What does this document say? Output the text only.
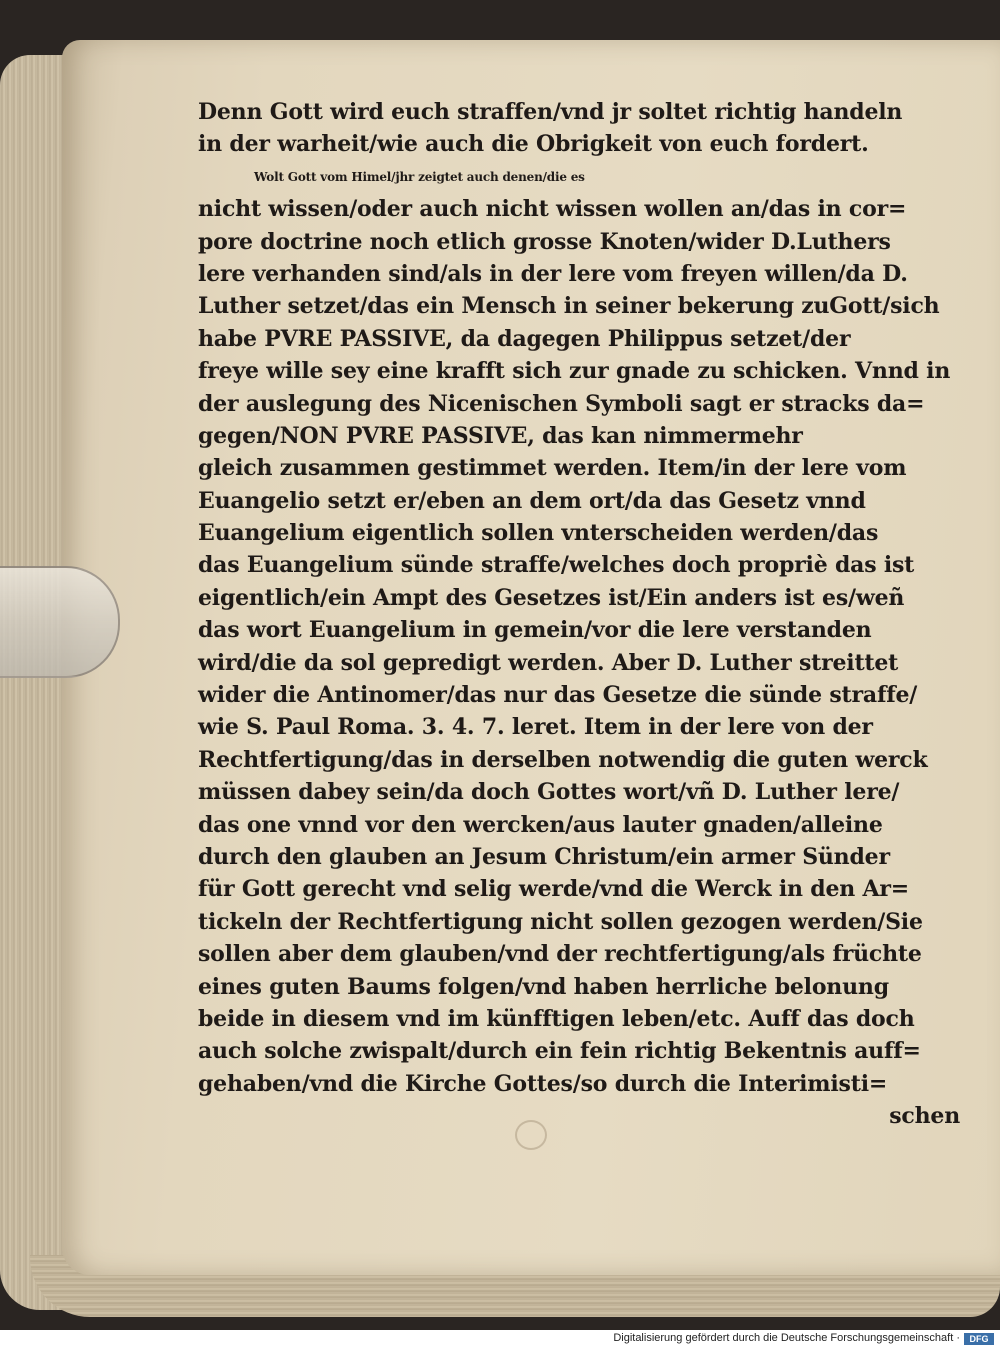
Denn Gott wird euch straffen/vnd jr soltet richtig handeln
in der warheit/wie auch die Obrigkeit von euch fordert.
Wolt Gott vom Himel/jhr zeigtet auch denen/die es
nicht wissen/oder auch nicht wissen wollen an/das in cor=
pore doctrine noch etlich grosse Knoten/wider D.Luthers
lere verhanden sind/als in der lere vom freyen willen/da D.
Luther setzet/das ein Mensch in seiner bekerung zuGott/sich
habe PVRE PASSIVE, da dagegen Philippus setzet/der
freye wille sey eine krafft sich zur gnade zu schicken. Vnnd in
der auslegung des Nicenischen Symboli sagt er stracks da=
gegen/NON PVRE PASSIVE, das kan nimmermehr
gleich zusammen gestimmet werden. Item/in der lere vom
Euangelio setzt er/eben an dem ort/da das Gesetz vnnd
Euangelium eigentlich sollen vnterscheiden werden/das
das Euangelium sünde straffe/welches doch propriè das ist
eigentlich/ein Ampt des Gesetzes ist/Ein anders ist es/weñ
das wort Euangelium in gemein/vor die lere verstanden
wird/die da sol gepredigt werden. Aber D. Luther streittet
wider die Antinomer/das nur das Gesetze die sünde straffe/
wie S. Paul Roma. 3. 4. 7. leret. Item in der lere von der
Rechtfertigung/das in derselben notwendig die guten werck
müssen dabey sein/da doch Gottes wort/vñ D. Luther lere/
das one vnnd vor den wercken/aus lauter gnaden/alleine
durch den glauben an Jesum Christum/ein armer Sünder
für Gott gerecht vnd selig werde/vnd die Werck in den Ar=
tickeln der Rechtfertigung nicht sollen gezogen werden/Sie
sollen aber dem glauben/vnd der rechtfertigung/als früchte
eines guten Baums folgen/vnd haben herrliche belonung
beide in diesem vnd im künfftigen leben/etc. Auff das doch
auch solche zwispalt/durch ein fein richtig Bekentnis auff=
gehaben/vnd die Kirche Gottes/so durch die Interimisti=
schen
Digitalisierung gefördert durch die Deutsche Forschungsgemeinschaft ·	DFG
